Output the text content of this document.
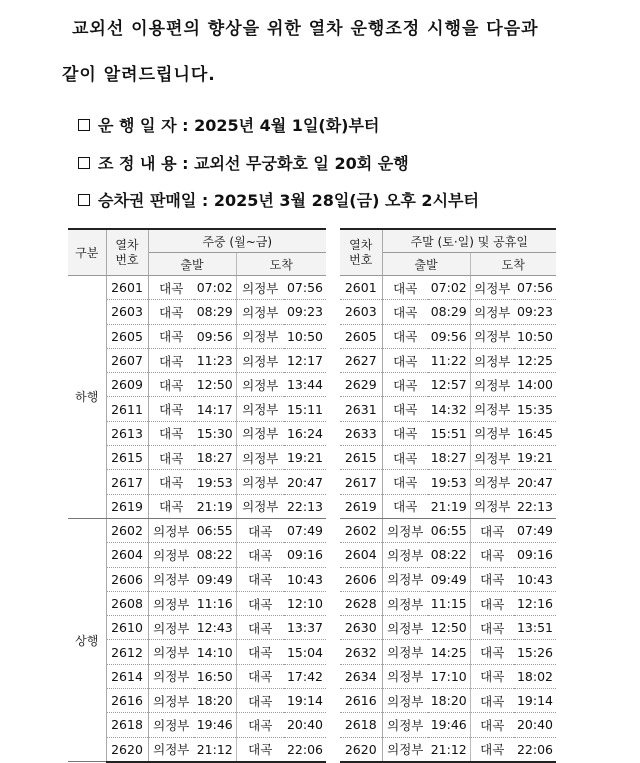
교외선 이용편의 향상을 위한 열차 운행조정 시행을 다음과
같이 알려드립니다.
운 행 일 자
: 2025년 4월 1일(화)부터
조 정 내 용
: 교외선 무궁화호 일 20회 운행
승차권 판매일
: 2025년 3월 28일(금) 오후 2시부터
구분	열차
번호	주중 (월~금)			
		출발		도착	
하행	2601	대곡	07:02	의정부	07:56
	2603	대곡	08:29	의정부	09:23
	2605	대곡	09:56	의정부	10:50
	2607	대곡	11:23	의정부	12:17
	2609	대곡	12:50	의정부	13:44
	2611	대곡	14:17	의정부	15:11
	2613	대곡	15:30	의정부	16:24
	2615	대곡	18:27	의정부	19:21
	2617	대곡	19:53	의정부	20:47
	2619	대곡	21:19	의정부	22:13
상행	2602	의정부	06:55	대곡	07:49
	2604	의정부	08:22	대곡	09:16
	2606	의정부	09:49	대곡	10:43
	2608	의정부	11:16	대곡	12:10
	2610	의정부	12:43	대곡	13:37
	2612	의정부	14:10	대곡	15:04
	2614	의정부	16:50	대곡	17:42
	2616	의정부	18:20	대곡	19:14
	2618	의정부	19:46	대곡	20:40
	2620	의정부	21:12	대곡	22:06
열차
번호	주말 (토·일) 및 공휴일			
	출발		도착	
2601	대곡	07:02	의정부	07:56
2603	대곡	08:29	의정부	09:23
2605	대곡	09:56	의정부	10:50
2627	대곡	11:22	의정부	12:25
2629	대곡	12:57	의정부	14:00
2631	대곡	14:32	의정부	15:35
2633	대곡	15:51	의정부	16:45
2615	대곡	18:27	의정부	19:21
2617	대곡	19:53	의정부	20:47
2619	대곡	21:19	의정부	22:13
2602	의정부	06:55	대곡	07:49
2604	의정부	08:22	대곡	09:16
2606	의정부	09:49	대곡	10:43
2628	의정부	11:15	대곡	12:16
2630	의정부	12:50	대곡	13:51
2632	의정부	14:25	대곡	15:26
2634	의정부	17:10	대곡	18:02
2616	의정부	18:20	대곡	19:14
2618	의정부	19:46	대곡	20:40
2620	의정부	21:12	대곡	22:06
